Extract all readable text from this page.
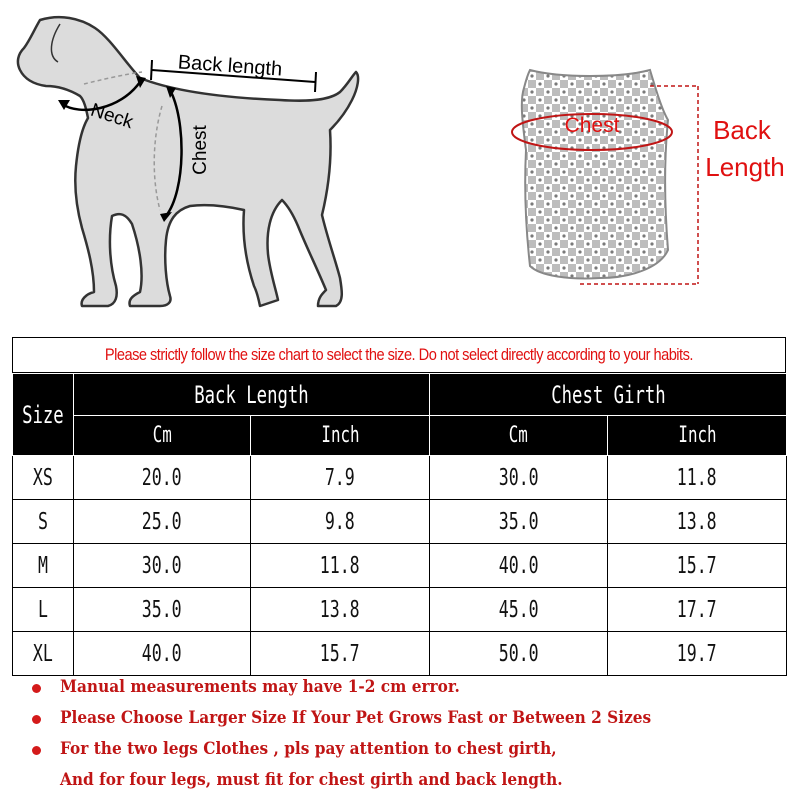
Back length
Neck
Chest	Chest	Back
Length
Please strictly follow the size chart to select the size. Do not select directly according to your habits.
Size	Back Length		Chest Girth	
	Cm	Inch	Cm	Inch
XS	20.0	7.9	30.0	11.8
S	25.0	9.8	35.0	13.8
M	30.0	11.8	40.0	15.7
L	35.0	13.8	45.0	17.7
XL	40.0	15.7	50.0	19.7
Manual measurements may have 1-2 cm error.
Please Choose Larger Size If Your Pet Grows Fast or Between 2 Sizes
For the two legs Clothes , pls pay attention to chest girth,
And for four legs, must fit for chest girth and back length.
